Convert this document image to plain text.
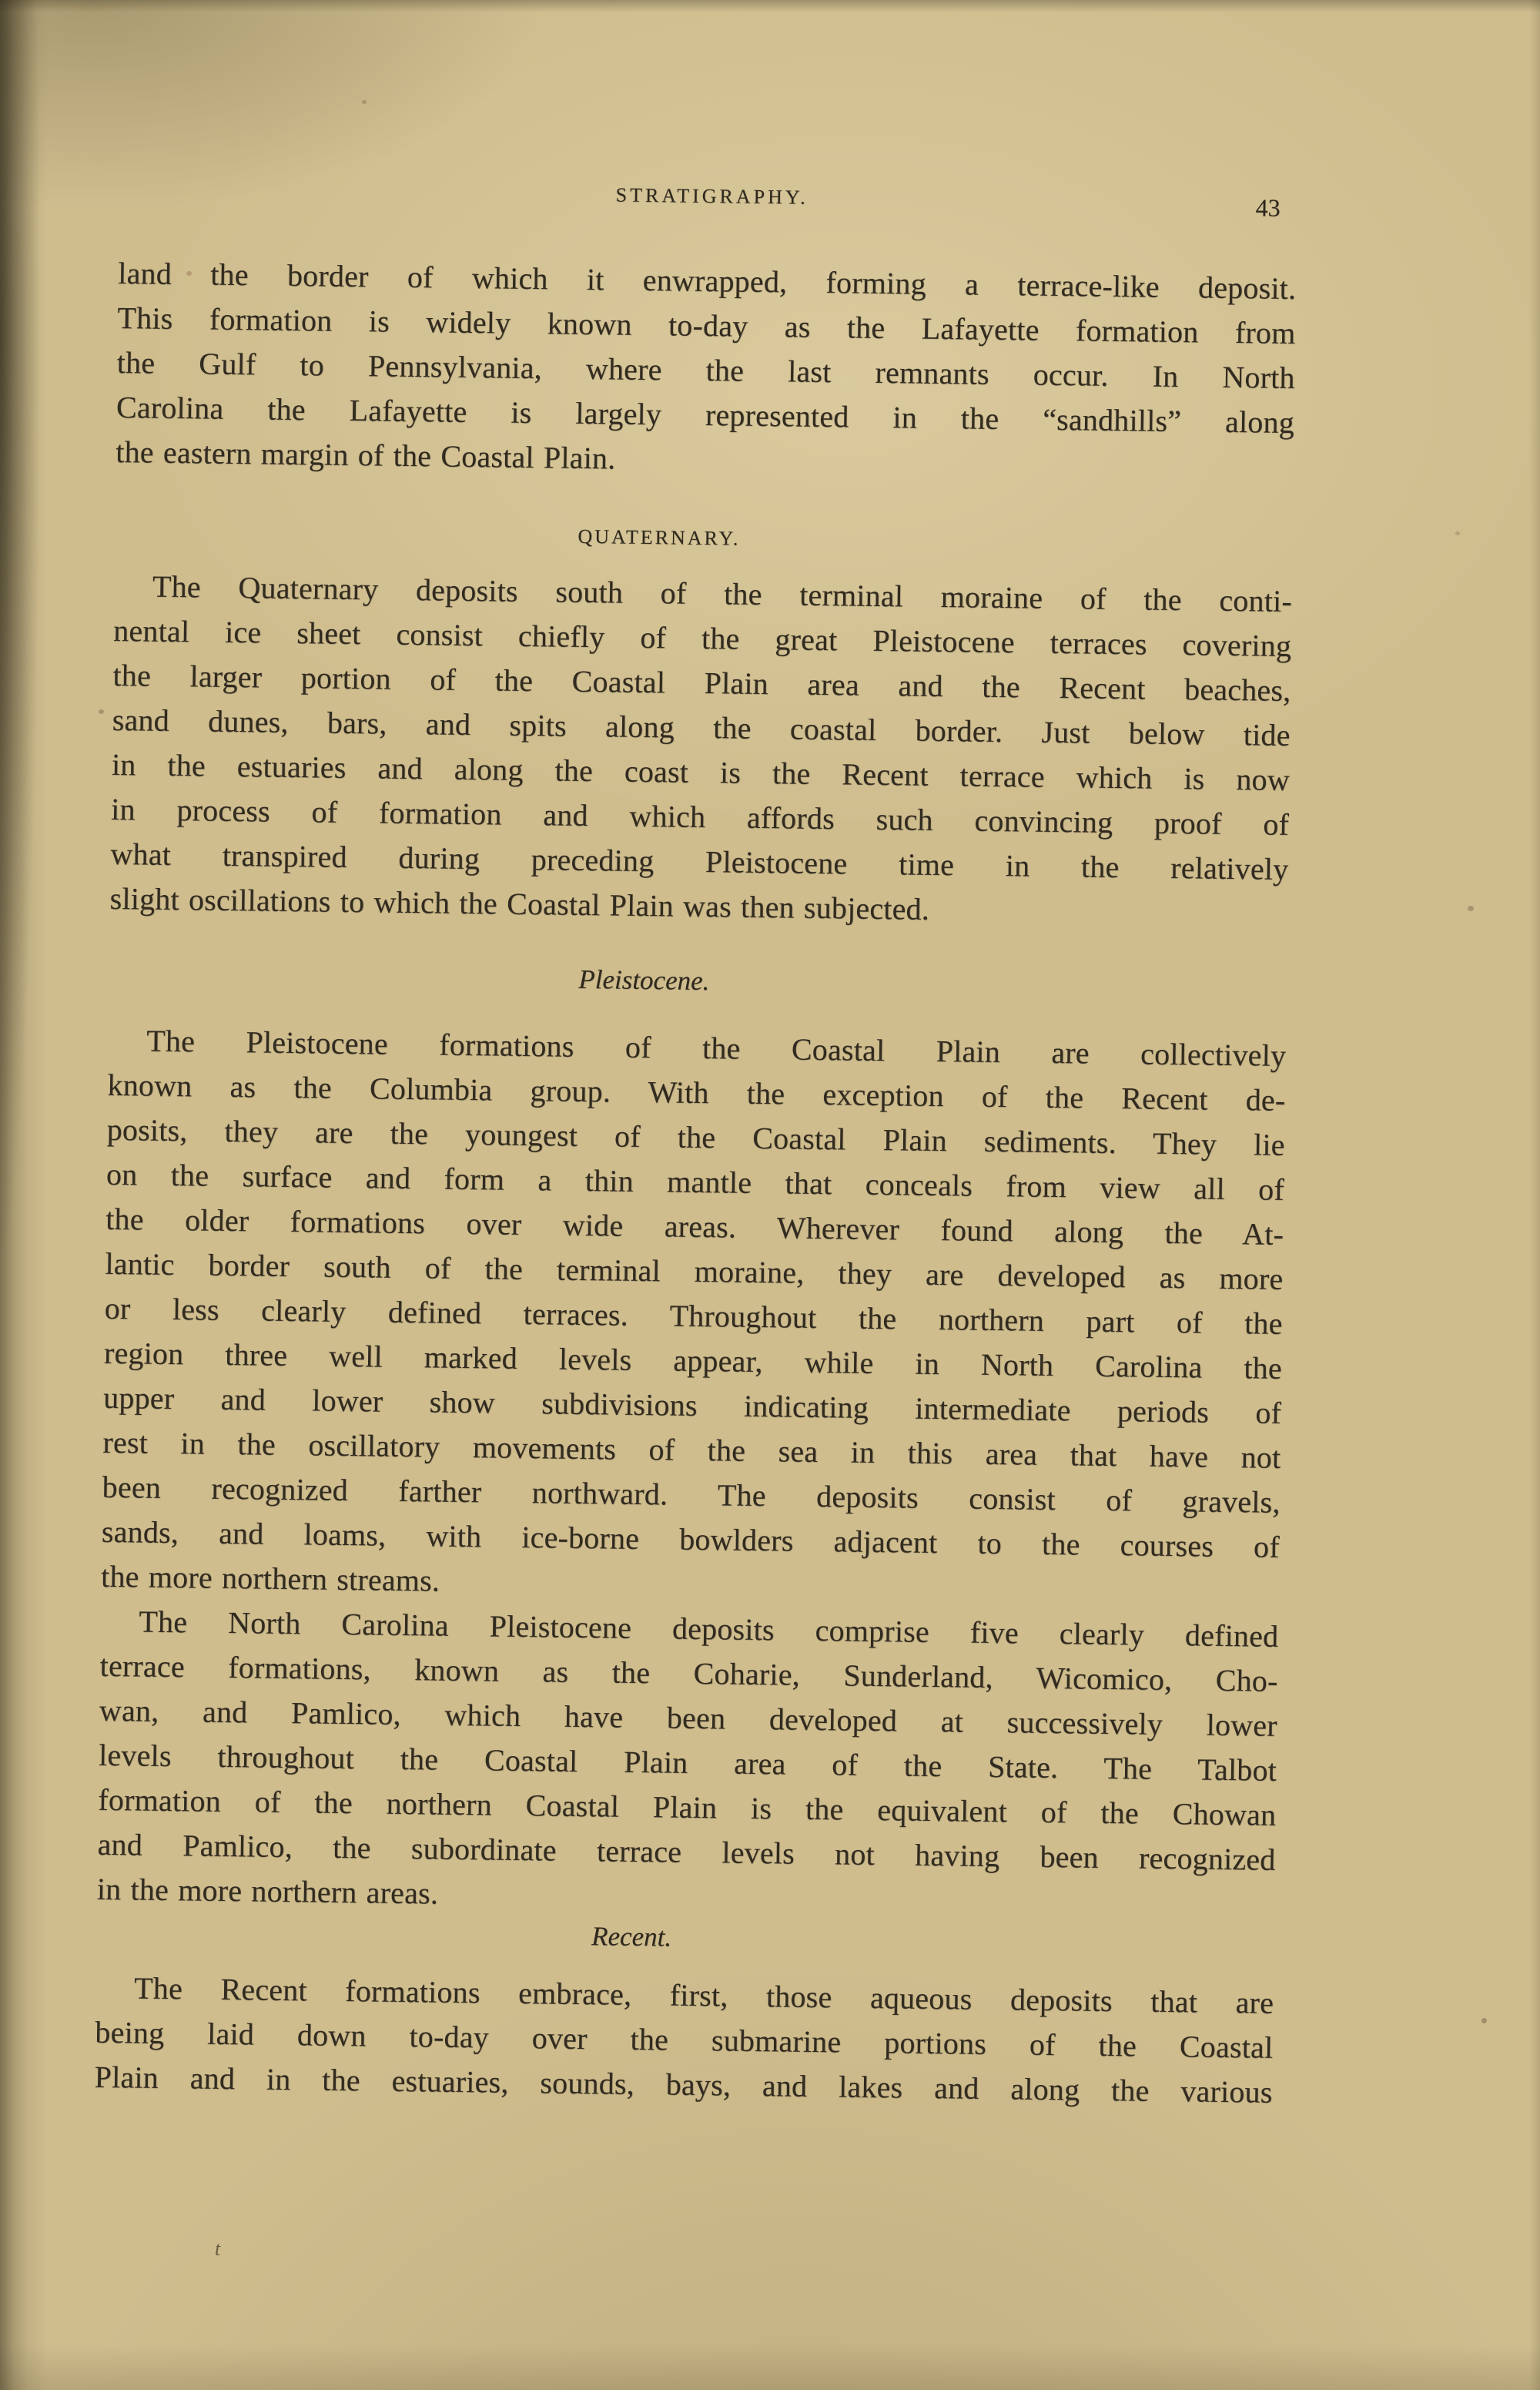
STRATIGRAPHY.	43
land the border of which it enwrapped, forming a terrace-like deposit.
This formation is widely known to-day as the Lafayette formation from
the Gulf to Pennsylvania, where the last remnants occur. In North
Carolina the Lafayette is largely represented in the “sandhills” along
the eastern margin of the Coastal Plain.
QUATERNARY.
The Quaternary deposits south of the terminal moraine of the conti-
nental ice sheet consist chiefly of the great Pleistocene terraces covering
the larger portion of the Coastal Plain area and the Recent beaches,
sand dunes, bars, and spits along the coastal border. Just below tide
in the estuaries and along the coast is the Recent terrace which is now
in process of formation and which affords such convincing proof of
what transpired during preceding Pleistocene time in the relatively
slight oscillations to which the Coastal Plain was then subjected.
Pleistocene.
The Pleistocene formations of the Coastal Plain are collectively
known as the Columbia group. With the exception of the Recent de-
posits, they are the youngest of the Coastal Plain sediments. They lie
on the surface and form a thin mantle that conceals from view all of
the older formations over wide areas. Wherever found along the At-
lantic border south of the terminal moraine, they are developed as more
or less clearly defined terraces. Throughout the northern part of the
region three well marked levels appear, while in North Carolina the
upper and lower show subdivisions indicating intermediate periods of
rest in the oscillatory movements of the sea in this area that have not
been recognized farther northward. The deposits consist of gravels,
sands, and loams, with ice-borne bowlders adjacent to the courses of
the more northern streams.
The North Carolina Pleistocene deposits comprise five clearly defined
terrace formations, known as the Coharie, Sunderland, Wicomico, Cho-
wan, and Pamlico, which have been developed at successively lower
levels throughout the Coastal Plain area of the State. The Talbot
formation of the northern Coastal Plain is the equivalent of the Chowan
and Pamlico, the subordinate terrace levels not having been recognized
in the more northern areas.
Recent.
The Recent formations embrace, first, those aqueous deposits that are
being laid down to-day over the submarine portions of the Coastal
Plain and in the estuaries, sounds, bays, and lakes and along the various
t
